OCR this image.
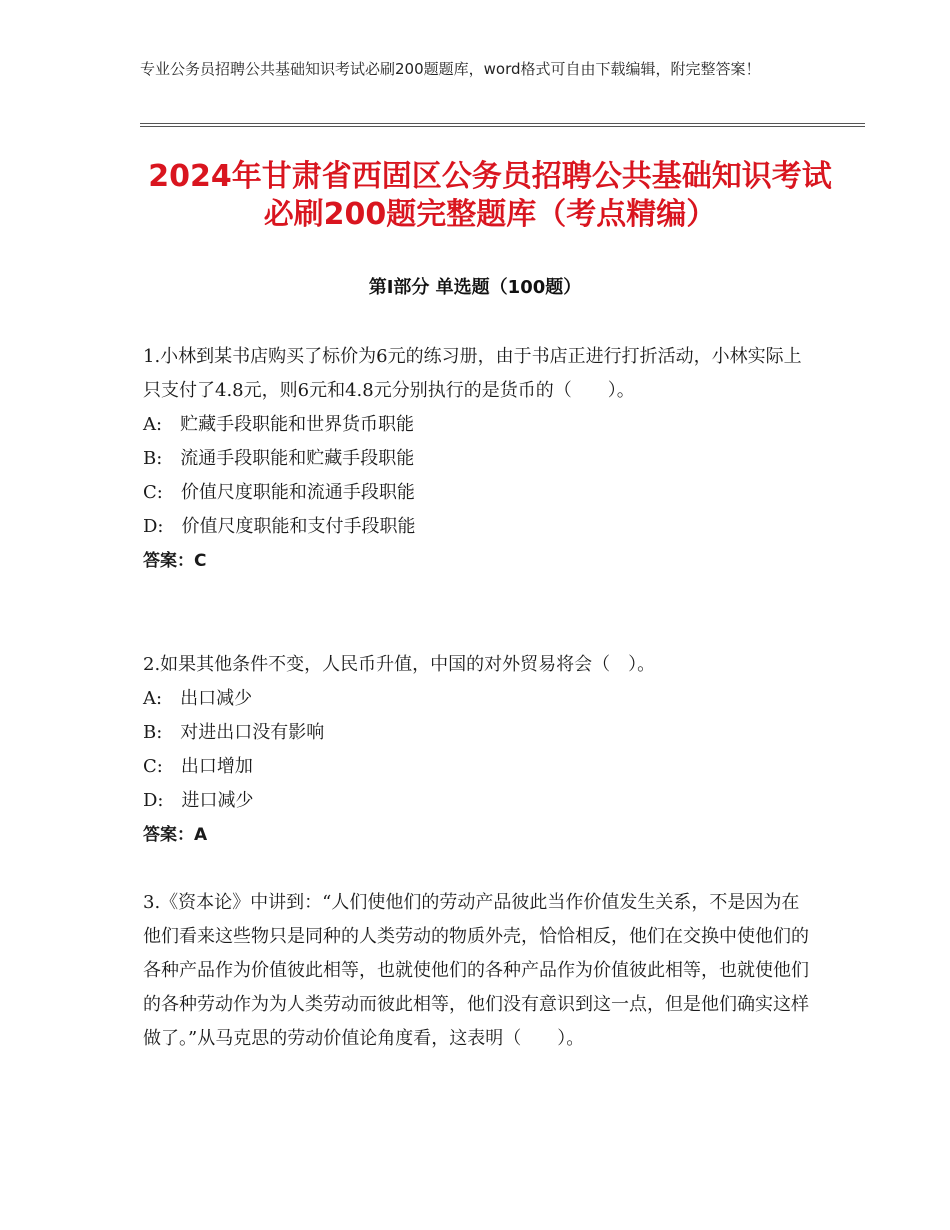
专业公务员招聘公共基础知识考试必刷200题题库，word格式可自由下载编辑，附完整答案！
2024年甘肃省西固区公务员招聘公共基础知识考试必刷200题完整题库（考点精编）
第Ⅰ部分 单选题（100题）
1.小林到某书店购买了标价为6元的练习册，由于书店正进行打折活动，小林实际上只支付了4.8元，则6元和4.8元分别执行的是货币的（　　）。
A:　贮藏手段职能和世界货币职能
B:　流通手段职能和贮藏手段职能
C:　价值尺度职能和流通手段职能
D:　价值尺度职能和支付手段职能
答案：C
2.如果其他条件不变，人民币升值，中国的对外贸易将会（　）。
A:　出口减少
B:　对进出口没有影响
C:　出口增加
D:　进口减少
答案：A
3.《资本论》中讲到：“人们使他们的劳动产品彼此当作价值发生关系，不是因为在他们看来这些物只是同种的人类劳动的物质外壳，恰恰相反，他们在交换中使他们的各种产品作为价值彼此相等，也就使他们的各种产品作为价值彼此相等，也就使他们的各种劳动作为为人类劳动而彼此相等，他们没有意识到这一点，但是他们确实这样做了。”从马克思的劳动价值论角度看，这表明（　　）。
